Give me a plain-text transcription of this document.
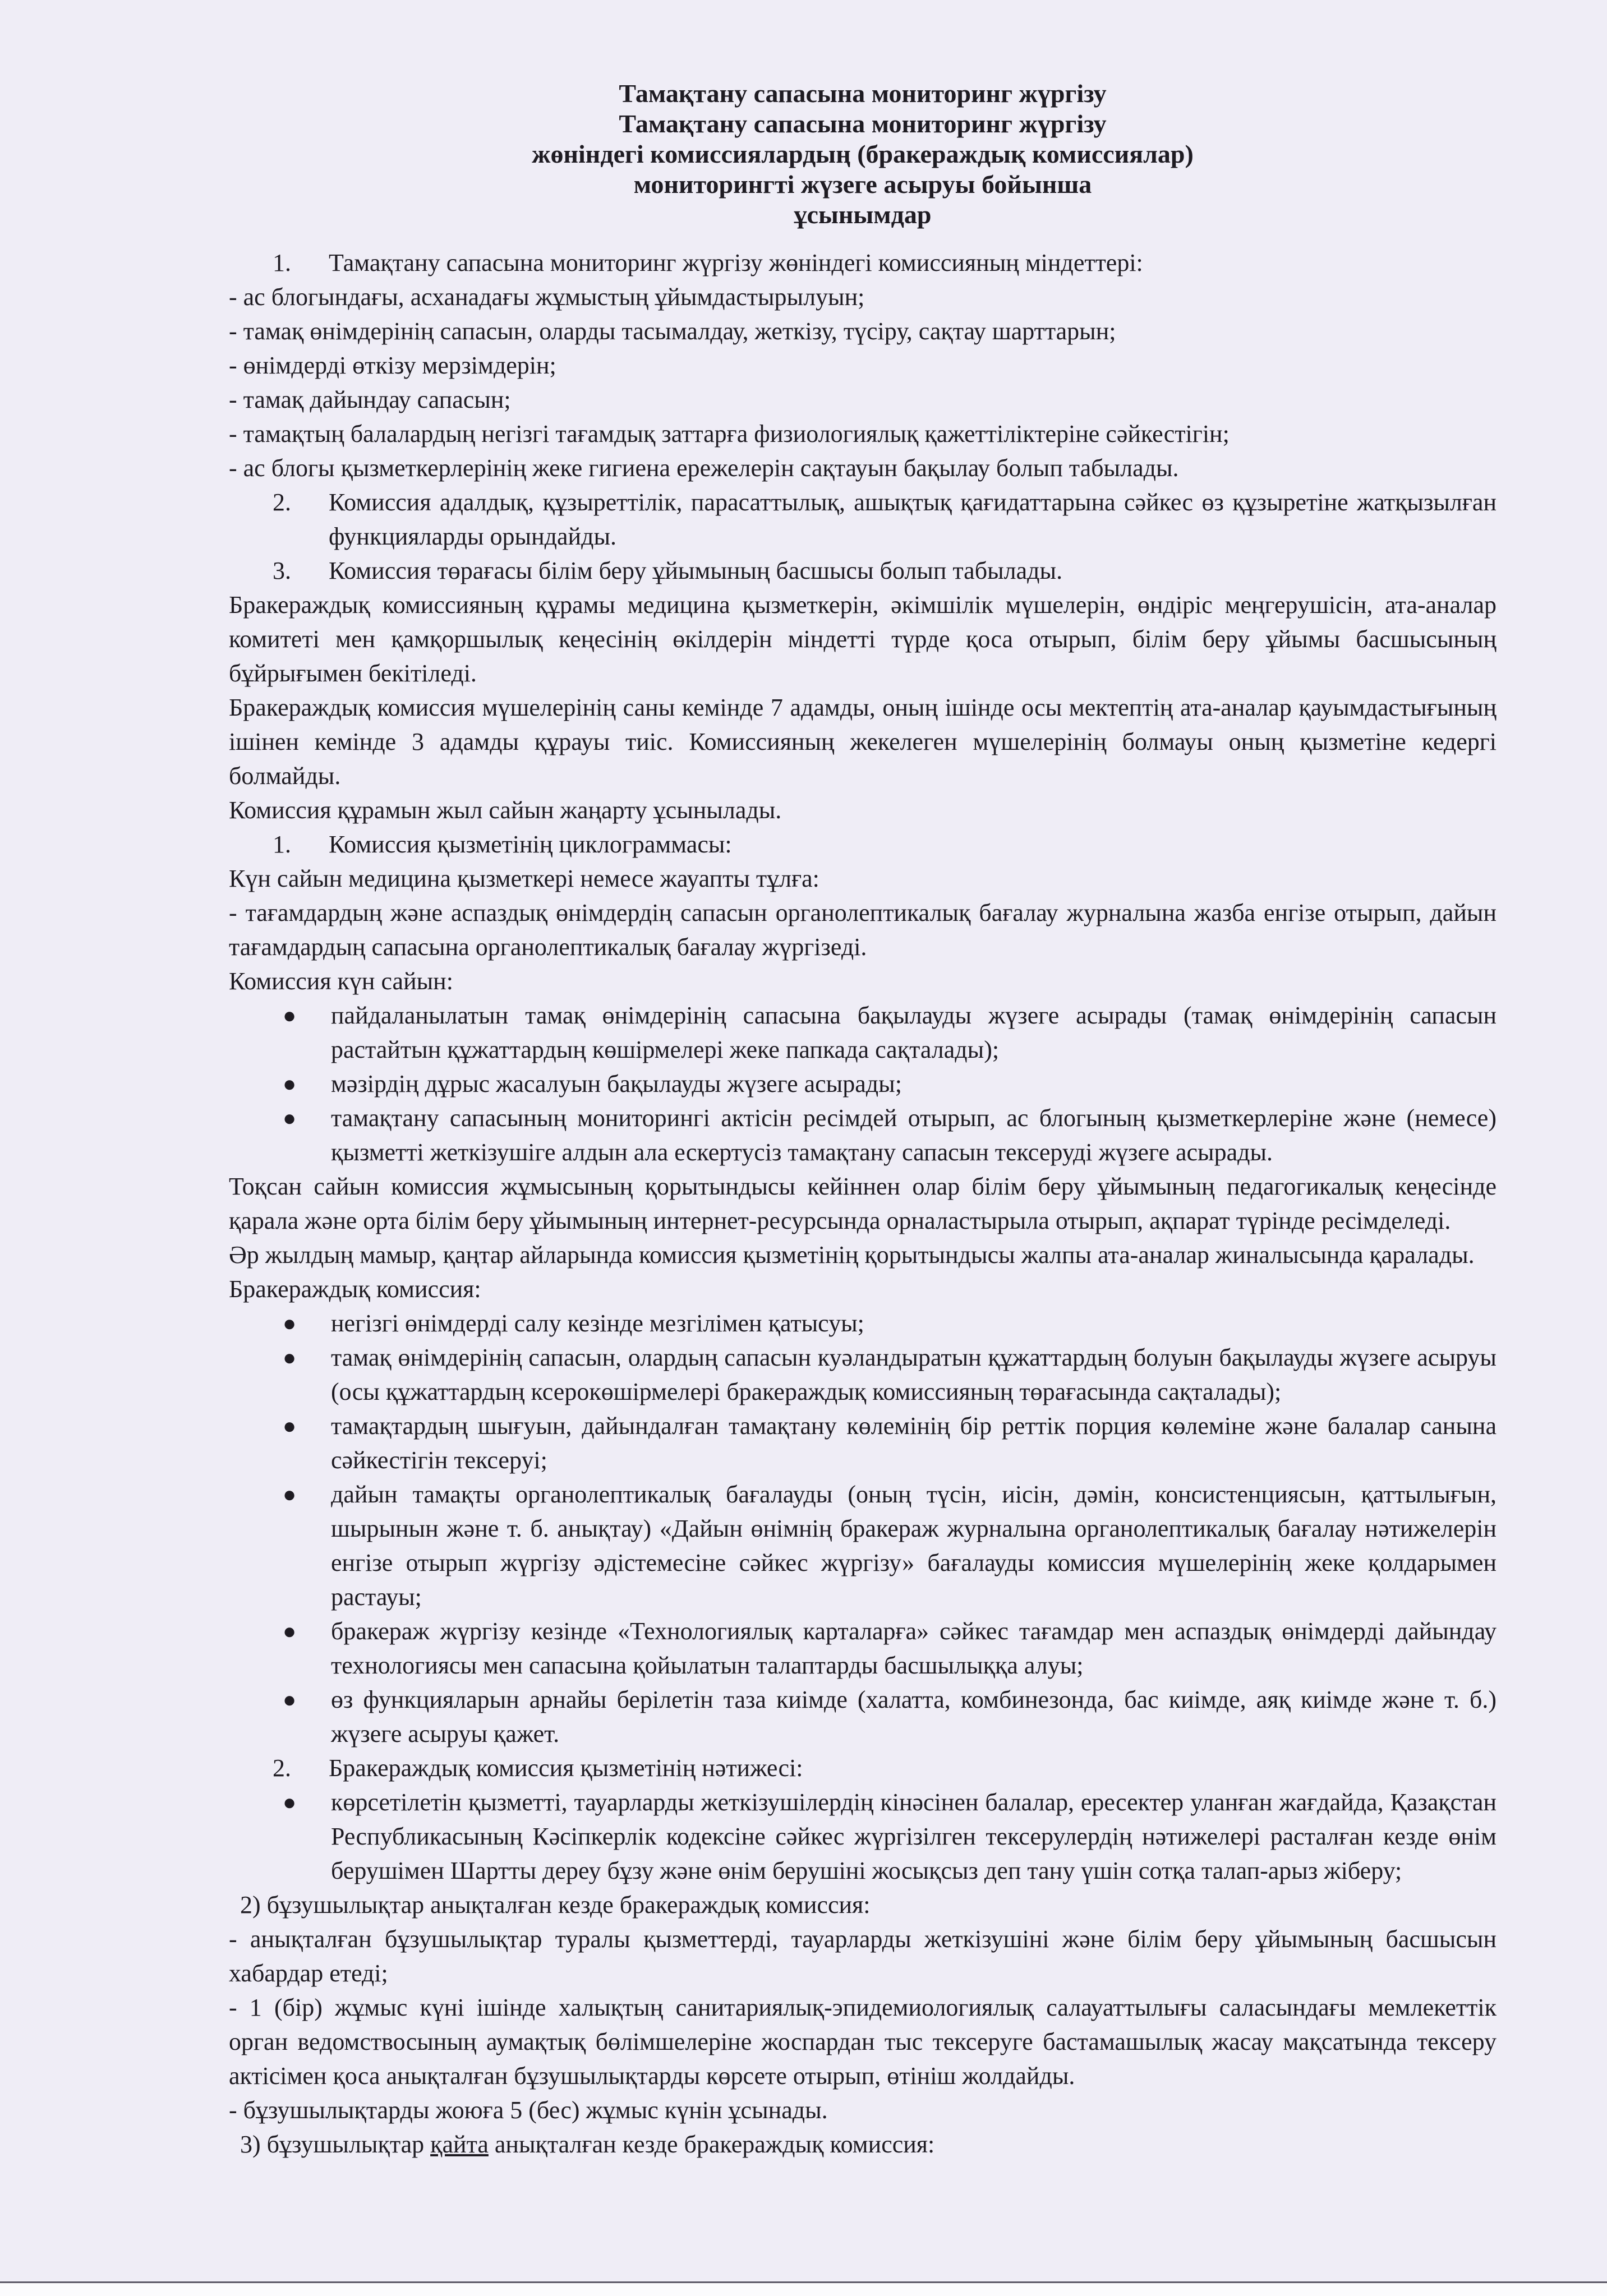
Тамақтану сапасына мониторинг жүргізу
Тамақтану сапасына мониторинг жүргізу
жөніндегі комиссиялардың (бракераждық комиссиялар)
мониторингті жүзеге асыруы бойынша
ұсынымдар
1.	Тамақтану сапасына мониторинг жүргізу жөніндегі комиссияның міндеттері:

- ас блогындағы, асханадағы жұмыстың ұйымдастырылуын;

- тамақ өнімдерінің сапасын, оларды тасымалдау, жеткізу, түсіру, сақтау шарттарын;

- өнімдерді өткізу мерзімдерін;

- тамақ дайындау сапасын;

- тамақтың балалардың негізгі тағамдық заттарға физиологиялық қажеттіліктеріне сәйкестігін;

- ас блогы қызметкерлерінің жеке гигиена ережелерін сақтауын бақылау болып табылады.

2.	Комиссия адалдық, құзыреттілік, парасаттылық, ашықтық қағидаттарына сәйкес өз құзыретіне жатқызылған функцияларды орындайды.
3.	Комиссия төрағасы білім беру ұйымының басшысы болып табылады.

Бракераждық комиссияның құрамы медицина қызметкерін, әкімшілік мүшелерін, өндіріс меңгерушісін, ата-аналар комитеті мен қамқоршылық кеңесінің өкілдерін міндетті түрде қоса отырып, білім беру ұйымы басшысының бұйрығымен бекітіледі.

Бракераждық комиссия мүшелерінің саны кемінде 7 адамды, оның ішінде осы мектептің ата-аналар қауымдастығының ішінен кемінде 3 адамды құрауы тиіс. Комиссияның жекелеген мүшелерінің болмауы оның қызметіне кедергі болмайды.

Комиссия құрамын жыл сайын жаңарту ұсынылады.

1.	Комиссия қызметінің циклограммасы:

Күн сайын медицина қызметкері немесе жауапты тұлға:

- тағамдардың және аспаздық өнімдердің сапасын органолептикалық бағалау журналына жазба енгізе отырып, дайын тағамдардың сапасына органолептикалық бағалау жүргізеді.

Комиссия күн сайын:

●	пайдаланылатын тамақ өнімдерінің сапасына бақылауды жүзеге асырады (тамақ өнімдерінің сапасын растайтын құжаттардың көшірмелері жеке папкада сақталады);
●	мәзірдің дұрыс жасалуын бақылауды жүзеге асырады;
●	тамақтану сапасының мониторингі актісін ресімдей отырып, ас блогының қызметкерлеріне және (немесе) қызметті жеткізушіге алдын ала ескертусіз тамақтану сапасын тексеруді жүзеге асырады.

Тоқсан сайын комиссия жұмысының қорытындысы кейіннен олар білім беру ұйымының педагогикалық кеңесінде қарала және орта білім беру ұйымының интернет-ресурсында орналастырыла отырып, ақпарат түрінде ресімделеді.

Әр жылдың мамыр, қаңтар айларында комиссия қызметінің қорытындысы жалпы ата-аналар жиналысында қаралады.

Бракераждық комиссия:

●	негізгі өнімдерді салу кезінде мезгілімен қатысуы;
●	тамақ өнімдерінің сапасын, олардың сапасын куәландыратын құжаттардың болуын бақылауды жүзеге асыруы (осы құжаттардың ксерокөшірмелері бракераждық комиссияның төрағасында сақталады);
●	тамақтардың шығуын, дайындалған тамақтану көлемінің бір реттік порция көлеміне және балалар санына сәйкестігін тексеруі;
●	дайын тамақты органолептикалық бағалауды (оның түсін, иісін, дәмін, консистенциясын, қаттылығын, шырынын және т. б. анықтау) «Дайын өнімнің бракераж журналына органолептикалық бағалау нәтижелерін енгізе отырып жүргізу әдістемесіне сәйкес жүргізу» бағалауды комиссия мүшелерінің жеке қолдарымен растауы;
●	бракераж жүргізу кезінде «Технологиялық карталарға» сәйкес тағамдар мен аспаздық өнімдерді дайындау технологиясы мен сапасына қойылатын талаптарды басшылыққа алуы;
●	өз функцияларын арнайы берілетін таза киімде (халатта, комбинезонда, бас киімде, аяқ киімде және т. б.) жүзеге асыруы қажет.
2.	Бракераждық комиссия қызметінің нәтижесі:
●	көрсетілетін қызметті, тауарларды жеткізушілердің кінәсінен балалар, ересектер уланған жағдайда, Қазақстан Республикасының Кәсіпкерлік кодексіне сәйкес жүргізілген тексерулердің нәтижелері расталған кезде өнім берушімен Шартты дереу бұзу және өнім берушіні жосықсыз деп тану үшін сотқа талап-арыз жіберу;

2) бұзушылықтар анықталған кезде бракераждық комиссия:

- анықталған бұзушылықтар туралы қызметтерді, тауарларды жеткізушіні және білім беру ұйымының басшысын хабардар етеді;

- 1 (бір) жұмыс күні ішінде халықтың санитариялық-эпидемиологиялық салауаттылығы саласындағы мемлекеттік орган ведомствосының аумақтық бөлімшелеріне жоспардан тыс тексеруге бастамашылық жасау мақсатында тексеру актісімен қоса анықталған бұзушылықтарды көрсете отырып, өтініш жолдайды.

- бұзушылықтарды жоюға 5 (бес) жұмыс күнін ұсынады.

3) бұзушылықтар қайта анықталған кезде бракераждық комиссия:
